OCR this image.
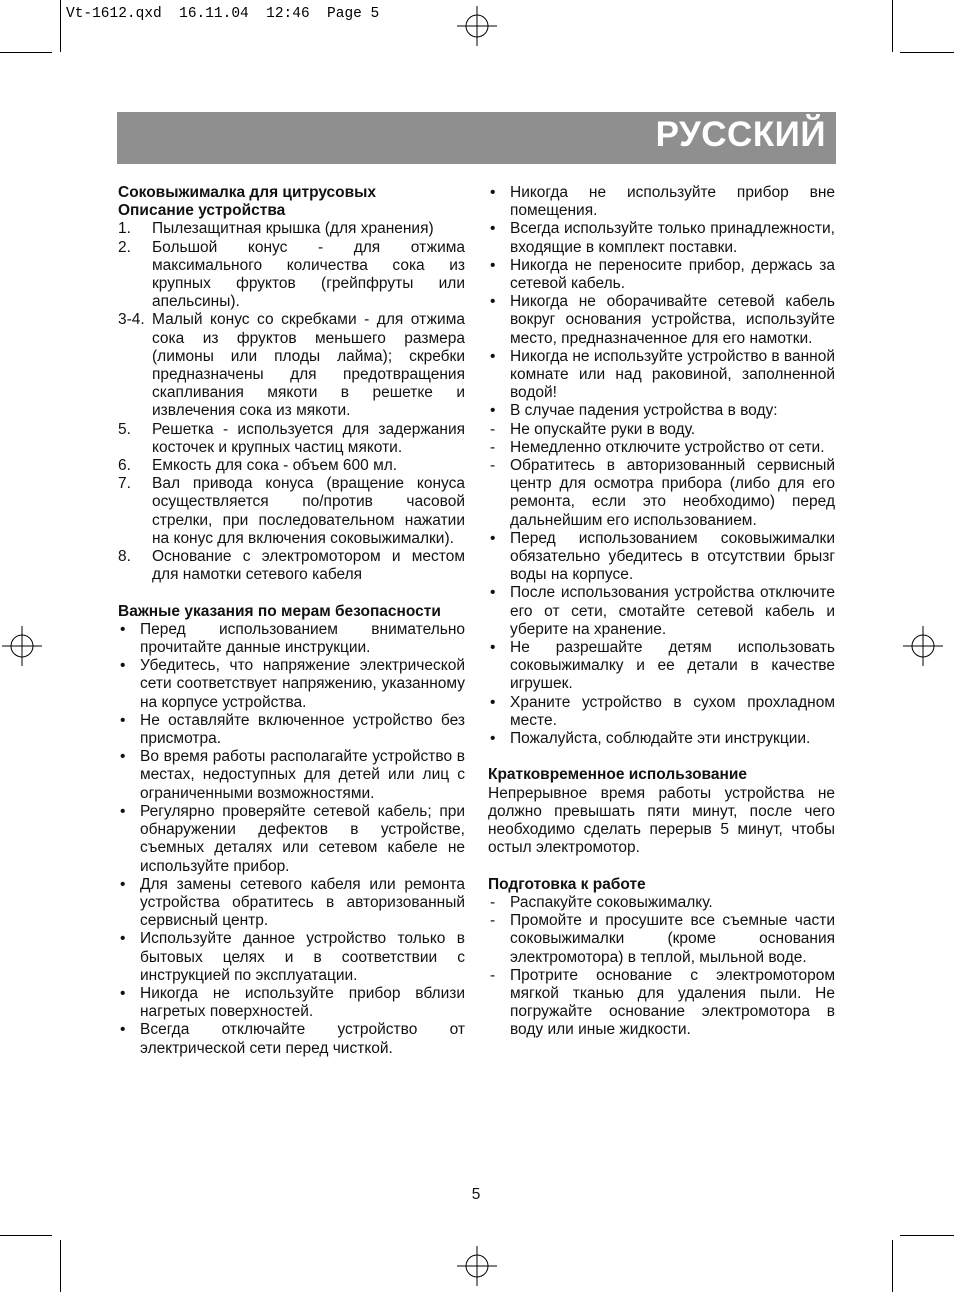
Vt-1612.qxd  16.11.04  12:46  Page 5
РУССКИЙ

Соковыжималка для цитрусовых

Описание устройства

1.	Пылезащитная крышка (для хранения)
2.	Большой конус - для отжима максимального количества сока из крупных фруктов (грейпфруты или апельсины).
3-4. Малый конус со скребками - для отжима сока из фруктов меньшего размера (лимоны или плоды лайма); скребки предназначены для предотвращения скапливания мякоти в решетке и извлечения сока из мякоти.
5.	Решетка - используется для задержания косточек и крупных частиц мякоти.
6.	Емкость для сока - объем 600 мл.
7.	Вал привода конуса (вращение конуса осуществляется по/против часовой стрелки, при последовательном нажатии на конус для включения соковыжималки).
8.	Основание с электромотором и местом для намотки сетевого кабеля

Важные указания по мерам безопасности

• Перед использованием внимательно прочитайте данные инструкции.
• Убедитесь, что напряжение электрической сети соответствует напряжению, указанному на корпусе устройства.
• Не оставляйте включенное устройство без присмотра.
• Во время работы располагайте устройство в местах, недоступных для детей или лиц с ограниченными возможностями.
• Регулярно проверяйте сетевой кабель; при обнаружении дефектов в устройстве, съемных деталях или сетевом кабеле не используйте прибор.
• Для замены сетевого кабеля или ремонта устройства обратитесь в авторизованный сервисный центр.
• Используйте данное устройство только в бытовых целях и в соответствии с инструкцией по эксплуатации.
• Никогда не используйте прибор вблизи нагретых поверхностей.
• Всегда отключайте устройство от электрической сети перед чисткой.
• Никогда не используйте прибор вне помещения.
• Всегда используйте только принадлежности, входящие в комплект поставки.
• Никогда не переносите прибор, держась за сетевой кабель.
• Никогда не оборачивайте сетевой кабель вокруг основания устройства, используйте место, предназначенное для его намотки.
• Никогда не используйте устройство в ванной комнате или над раковиной, заполненной водой!
• В случае падения устройства в воду:
- Не опускайте руки в воду.
- Немедленно отключите устройство от сети.
- Обратитесь в авторизованный сервисный центр для осмотра прибора (либо для его ремонта, если это необходимо) перед дальнейшим его использованием.
• Перед использованием соковыжималки обязательно убедитесь в отсутствии брызг воды на корпусе.
• После использования устройства отключите его от сети, смотайте сетевой кабель и уберите на хранение.
• Не разрешайте детям использовать соковыжималку и ее детали в качестве игрушек.
• Храните устройство в сухом прохладном месте.
• Пожалуйста, соблюдайте эти инструкции.

Кратковременное использование

Непрерывное время работы устройства не должно превышать пяти минут, после чего необходимо сделать перерыв 5 минут, чтобы остыл электромотор.

Подготовка к работе

- Распакуйте соковыжималку.
- Промойте и просушите все съемные части соковыжималки (кроме основания электромотора) в теплой, мыльной воде.
- Протрите основание с электромотором мягкой тканью для удаления пыли. Не погружайте основание электромотора в воду или иные жидкости.
5
